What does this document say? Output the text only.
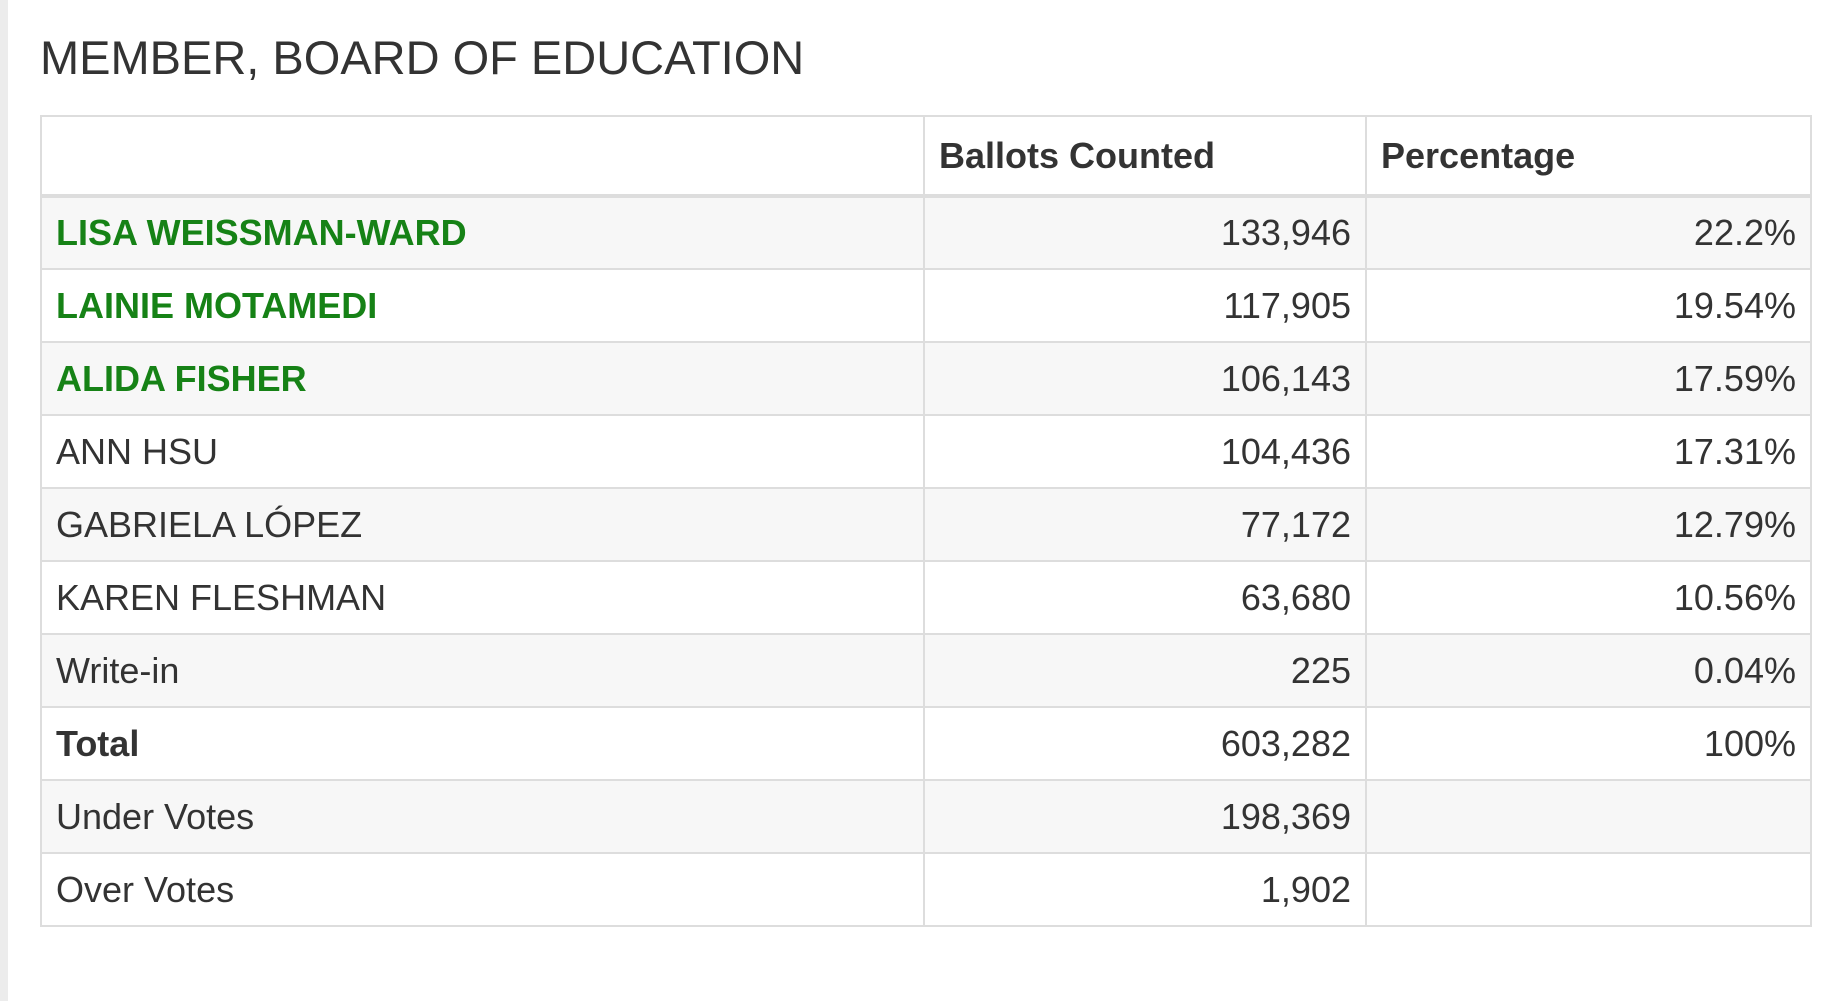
MEMBER, BOARD OF EDUCATION
	Ballots Counted	Percentage
LISA WEISSMAN-WARD	133,946	22.2%
LAINIE MOTAMEDI	117,905	19.54%
ALIDA FISHER	106,143	17.59%
ANN HSU	104,436	17.31%
GABRIELA LÓPEZ	77,172	12.79%
KAREN FLESHMAN	63,680	10.56%
Write-in	225	0.04%
Total	603,282	100%
Under Votes	198,369	
Over Votes	1,902	
